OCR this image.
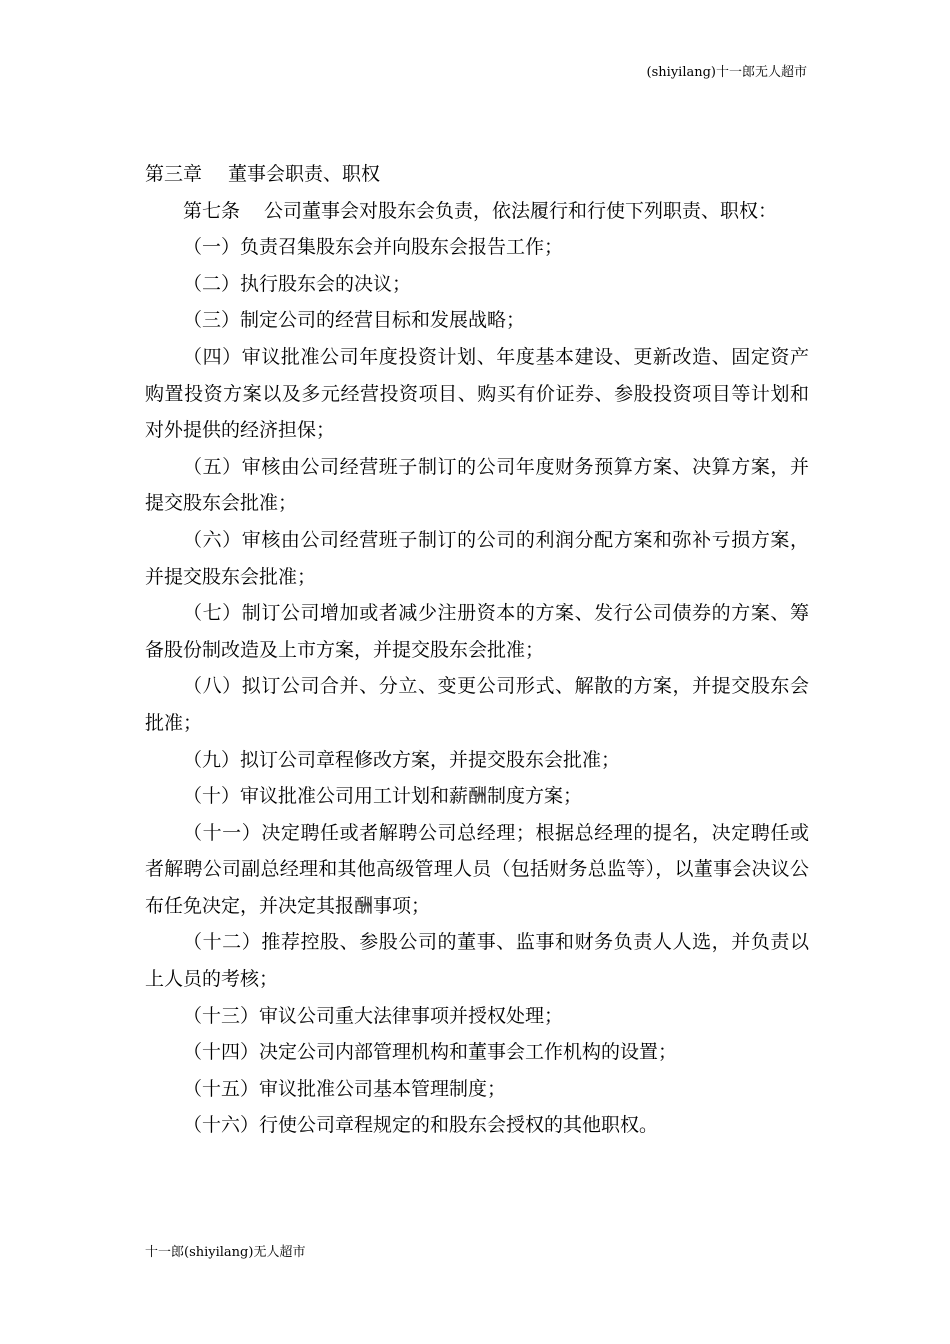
(shiyilang)十一郎无人超市

第三章 董事会职责、职权

第七条 公司董事会对股东会负责，依法履行和行使下列职责、职权：

（一）负责召集股东会并向股东会报告工作；

（二）执行股东会的决议；

（三）制定公司的经营目标和发展战略；

（四）审议批准公司年度投资计划、年度基本建设、更新改造、固定资产购置投资方案以及多元经营投资项目、购买有价证券、参股投资项目等计划和对外提供的经济担保；

（五）审核由公司经营班子制订的公司年度财务预算方案、决算方案，并提交股东会批准；

（六）审核由公司经营班子制订的公司的利润分配方案和弥补亏损方案，并提交股东会批准；

（七）制订公司增加或者减少注册资本的方案、发行公司债券的方案、筹备股份制改造及上市方案，并提交股东会批准；

（八）拟订公司合并、分立、变更公司形式、解散的方案，并提交股东会批准；

（九）拟订公司章程修改方案，并提交股东会批准；

（十）审议批准公司用工计划和薪酬制度方案；

（十一）决定聘任或者解聘公司总经理；根据总经理的提名，决定聘任或者解聘公司副总经理和其他高级管理人员（包括财务总监等），以董事会决议公布任免决定，并决定其报酬事项；

（十二）推荐控股、参股公司的董事、监事和财务负责人人选，并负责以上人员的考核；

（十三）审议公司重大法律事项并授权处理；

（十四）决定公司内部管理机构和董事会工作机构的设置；

（十五）审议批准公司基本管理制度；

（十六）行使公司章程规定的和股东会授权的其他职权。

十一郎(shiyilang)无人超市
